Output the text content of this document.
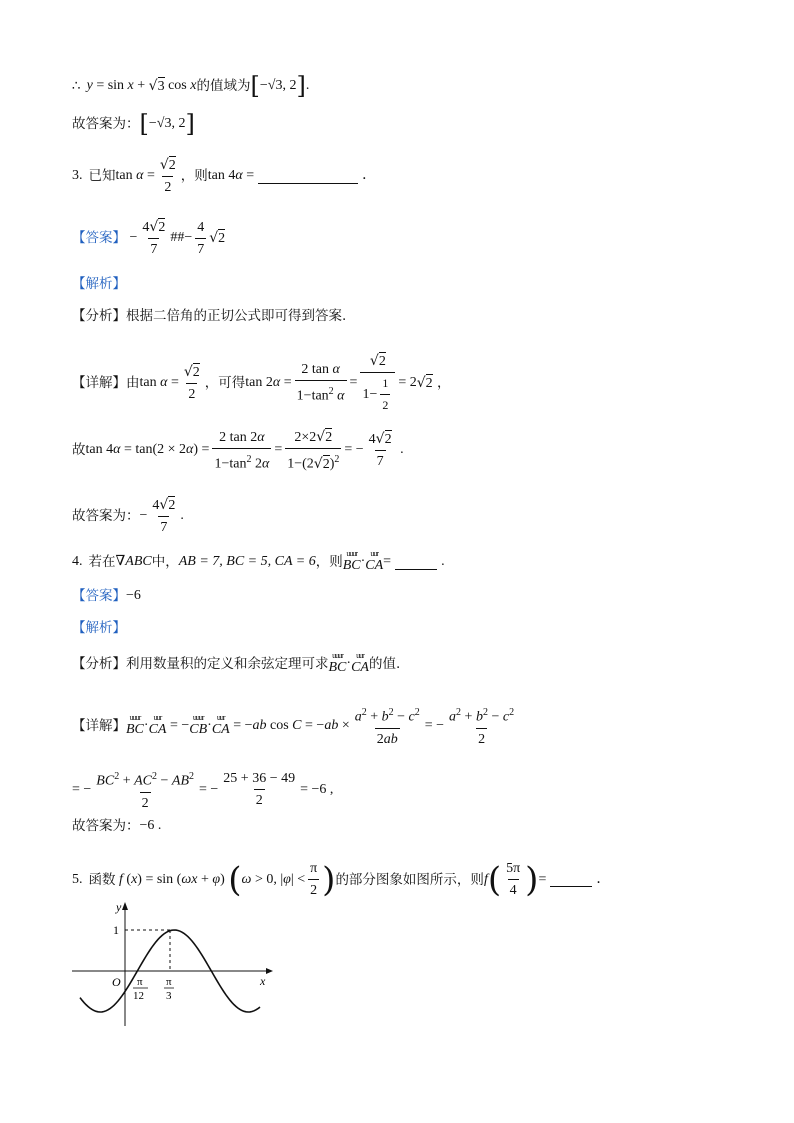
∴ y = sin x + √ 3 cos x 的值域为 [ −√3, 2 ] .
故答案为： [ −√3, 2 ]
3. 已知 $\tan \alpha = \frac{√ 2}{2}$ ，则 tan 4α =	．
【答案】 − $\frac{4 √ 2}{7}$ ## − $\frac{4}{7}$ √ 2
【解析】
【分析】 根据二倍角的正切公式即可得到答案.
【详解】 由 $\tan \alpha = \frac{√ 2}{2}$ ，可得 $\tan 2\alpha = \frac{\text{2 tan α}}{1-\tan^2 \alpha} = \frac{√ 2}{1- \frac{1}{2}} = 2$ √ 2 ，
故 $\tan 4\alpha = \tan(2 \times 2\alpha) = \frac{2 \tan 2\alpha}{1-\tan^2 2\alpha} = \frac{2\times 2 √ 2}{1-(2 √ 2 )^2}$ = − $\frac{4 √ 2}{7}$ .
故答案为： − $\frac{4 √ 2}{7}$ .
4. 若在 ∇ABC 中， AB = 7, BC = 5, CA = 6 ，则
uuur
BC ·
uur
CA =	.
【答案】 −6
【解析】
【分析】 利用数量积的定义和余弦定理可求
uuur
BC ·
uur
CA 的值.
【详解】
uuur
BC ·
uur
CA = −
uuur
CB ·
uur
CA = −ab $\cos C = -ab \times \frac{a^2 + b^2 - c^2}{2ab}$ = − $\frac{a^2 + b^2 - c^2}{2}$
= − $\frac{BC^2 + AC^2 - AB^2}{2}$ = − $\frac{25 + 36 - 49}{2} = -6$ ,
故答案为： −6 .
5. 函数 f (x) = sin (ωx + φ) ( ω > 0, $|\varphi| < \frac{\pi}{2}$ ) 的部分图象如图所示，则 f ( $\frac{5\pi}{4}$ ) =	．
y
x
O
1
π
12
π
3
